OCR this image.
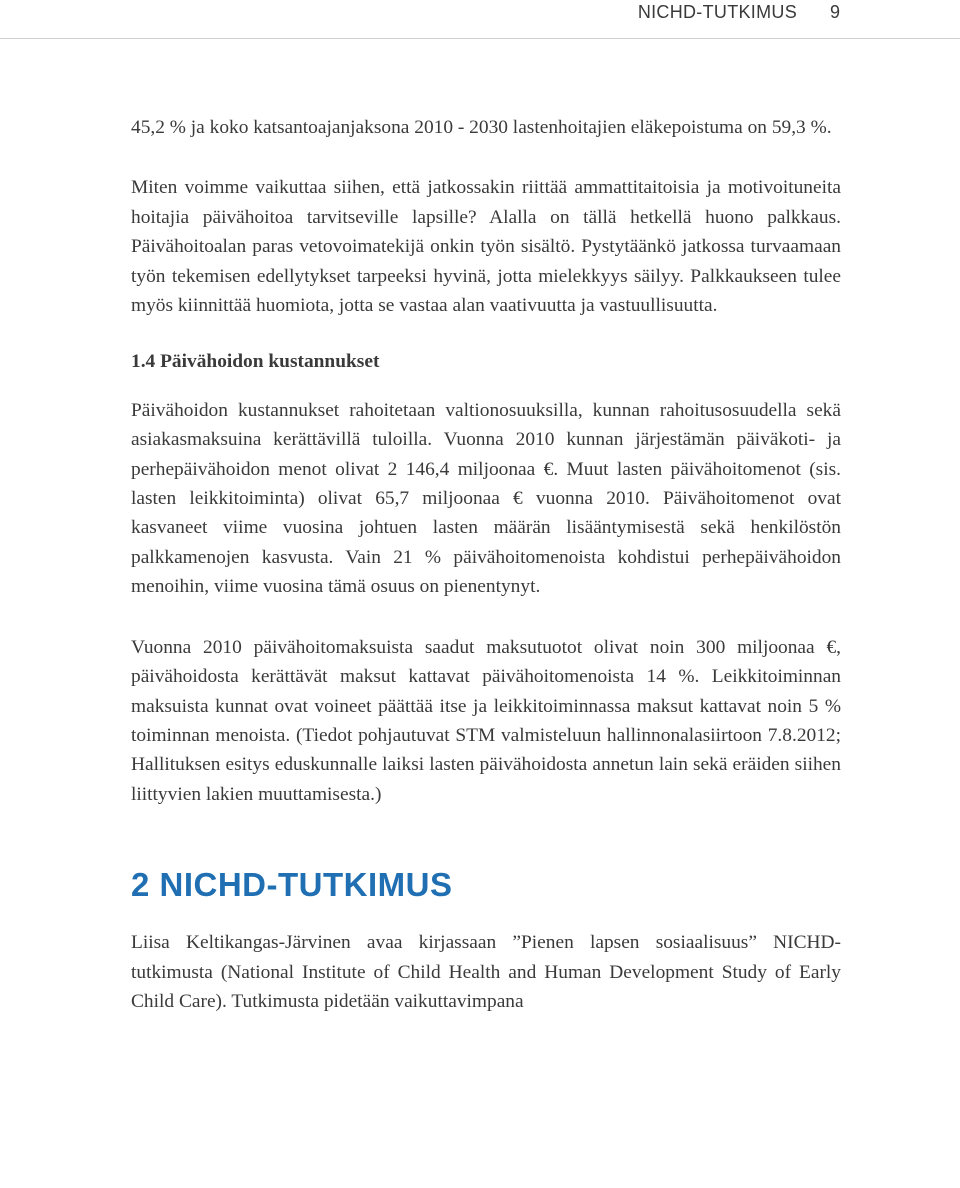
NICHD-TUTKIMUS 9

45,2 % ja koko katsantoajanjaksona 2010 - 2030 lastenhoitajien eläkepoistuma on 59,3 %.

Miten voimme vaikuttaa siihen, että jatkossakin riittää ammattitaitoisia ja motivoituneita hoitajia päivähoitoa tarvitseville lapsille? Alalla on tällä hetkellä huono palkkaus. Päivähoitoalan paras vetovoimatekijä onkin työn sisältö. Pystytäänkö jatkossa turvaamaan työn tekemisen edellytykset tarpeeksi hyvinä, jotta mielekkyys säilyy. Palkkaukseen tulee myös kiinnittää huomiota, jotta se vastaa alan vaativuutta ja vastuullisuutta.

1.4 Päivähoidon kustannukset

Päivähoidon kustannukset rahoitetaan valtionosuuksilla, kunnan rahoitusosuudella sekä asiakasmaksuina kerättävillä tuloilla. Vuonna 2010 kunnan järjestämän päiväkoti- ja perhepäivähoidon menot olivat 2 146,4 miljoonaa €. Muut lasten päivähoitomenot (sis. lasten leikkitoiminta) olivat 65,7 miljoonaa € vuonna 2010. Päivähoitomenot ovat kasvaneet viime vuosina johtuen lasten määrän lisääntymisestä sekä henkilöstön palkkamenojen kasvusta. Vain 21 % päivähoitomenoista kohdistui perhepäivähoidon menoihin, viime vuosina tämä osuus on pienentynyt.

Vuonna 2010 päivähoitomaksuista saadut maksutuotot olivat noin 300 miljoonaa €, päivähoidosta kerättävät maksut kattavat päivähoitomenoista 14 %. Leikkitoiminnan maksuista kunnat ovat voineet päättää itse ja leikkitoiminnassa maksut kattavat noin 5 % toiminnan menoista. (Tiedot pohjautuvat STM valmisteluun hallinnonalasiirtoon 7.8.2012; Hallituksen esitys eduskunnalle laiksi lasten päivähoidosta annetun lain sekä eräiden siihen liittyvien lakien muuttamisesta.)

2 NICHD-TUTKIMUS

Liisa Keltikangas-Järvinen avaa kirjassaan ”Pienen lapsen sosiaalisuus” NICHD-tutkimusta (National Institute of Child Health and Human Development Study of Early Child Care). Tutkimusta pidetään vaikuttavimpana
